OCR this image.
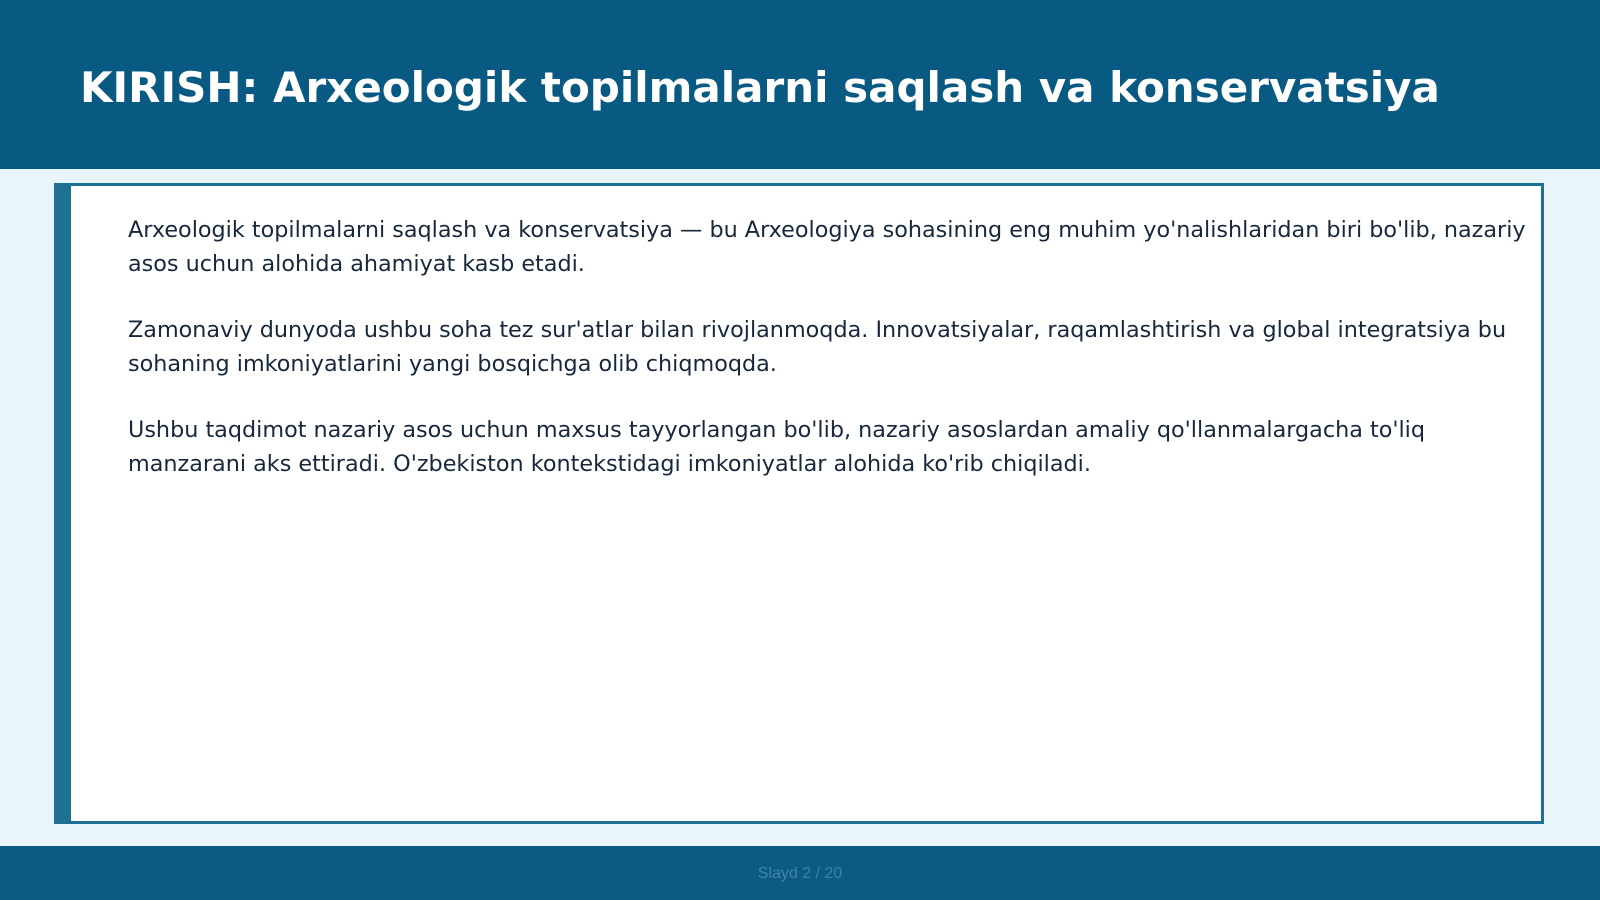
KIRISH: Arxeologik topilmalarni saqlash va konservatsiya

Arxeologik topilmalarni saqlash va konservatsiya — bu Arxeologiya sohasining eng muhim yo'nalishlaridan biri bo'lib, nazariy asos uchun alohida ahamiyat kasb etadi.

Zamonaviy dunyoda ushbu soha tez sur'atlar bilan rivojlanmoqda. Innovatsiyalar, raqamlashtirish va global integratsiya bu sohaning imkoniyatlarini yangi bosqichga olib chiqmoqda.

Ushbu taqdimot nazariy asos uchun maxsus tayyorlangan bo'lib, nazariy asoslardan amaliy qo'llanmalargacha to'liq manzarani aks ettiradi. O'zbekiston kontekstidagi imkoniyatlar alohida ko'rib chiqiladi.

Slayd 2 / 20
